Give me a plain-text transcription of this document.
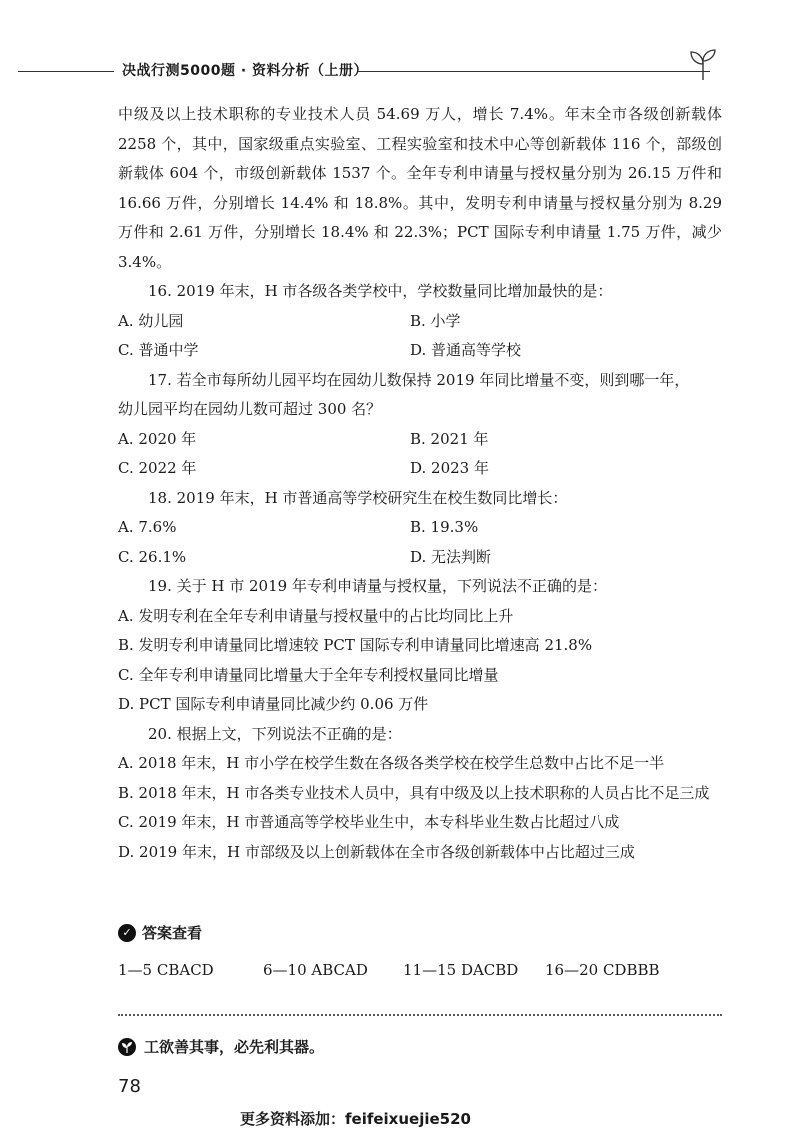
决战行测5000题 · 资料分析（上册）

中级及以上技术职称的专业技术人员 54.69 万人，增长 7.4%。年末全市各级创新载体 2258 个，其中，国家级重点实验室、工程实验室和技术中心等创新载体 116 个，部级创新载体 604 个，市级创新载体 1537 个。全年专利申请量与授权量分别为 26.15 万件和 16.66 万件，分别增长 14.4% 和 18.8%。其中，发明专利申请量与授权量分别为 8.29 万件和 2.61 万件，分别增长 18.4% 和 22.3%；PCT 国际专利申请量 1.75 万件，减少 3.4%。

16. 2019 年末，H 市各级各类学校中，学校数量同比增加最快的是：

A. 幼儿园	B. 小学

C. 普通中学	D. 普通高等学校

17. 若全市每所幼儿园平均在园幼儿数保持 2019 年同比增量不变，则到哪一年，

幼儿园平均在园幼儿数可超过 300 名？

A. 2020 年	B. 2021 年

C. 2022 年	D. 2023 年

18. 2019 年末，H 市普通高等学校研究生在校生数同比增长：

A. 7.6%	B. 19.3%

C. 26.1%	D. 无法判断

19. 关于 H 市 2019 年专利申请量与授权量，下列说法不正确的是：

A. 发明专利在全年专利申请量与授权量中的占比均同比上升

B. 发明专利申请量同比增速较 PCT 国际专利申请量同比增速高 21.8%

C. 全年专利申请量同比增量大于全年专利授权量同比增量

D. PCT 国际专利申请量同比减少约 0.06 万件

20. 根据上文，下列说法不正确的是：

A. 2018 年末，H 市小学在校学生数在各级各类学校在校学生总数中占比不足一半

B. 2018 年末，H 市各类专业技术人员中，具有中级及以上技术职称的人员占比不足三成

C. 2019 年末，H 市普通高等学校毕业生中，本专科毕业生数占比超过八成

D. 2019 年末，H 市部级及以上创新载体在全市各级创新载体中占比超过三成

✓ 答案查看
1—5 CBACD	6—10 ABCAD	11—15 DACBD	16—20 CDBBB
工欲善其事，必先利其器。
78
更多资料添加：feifeixuejie520
